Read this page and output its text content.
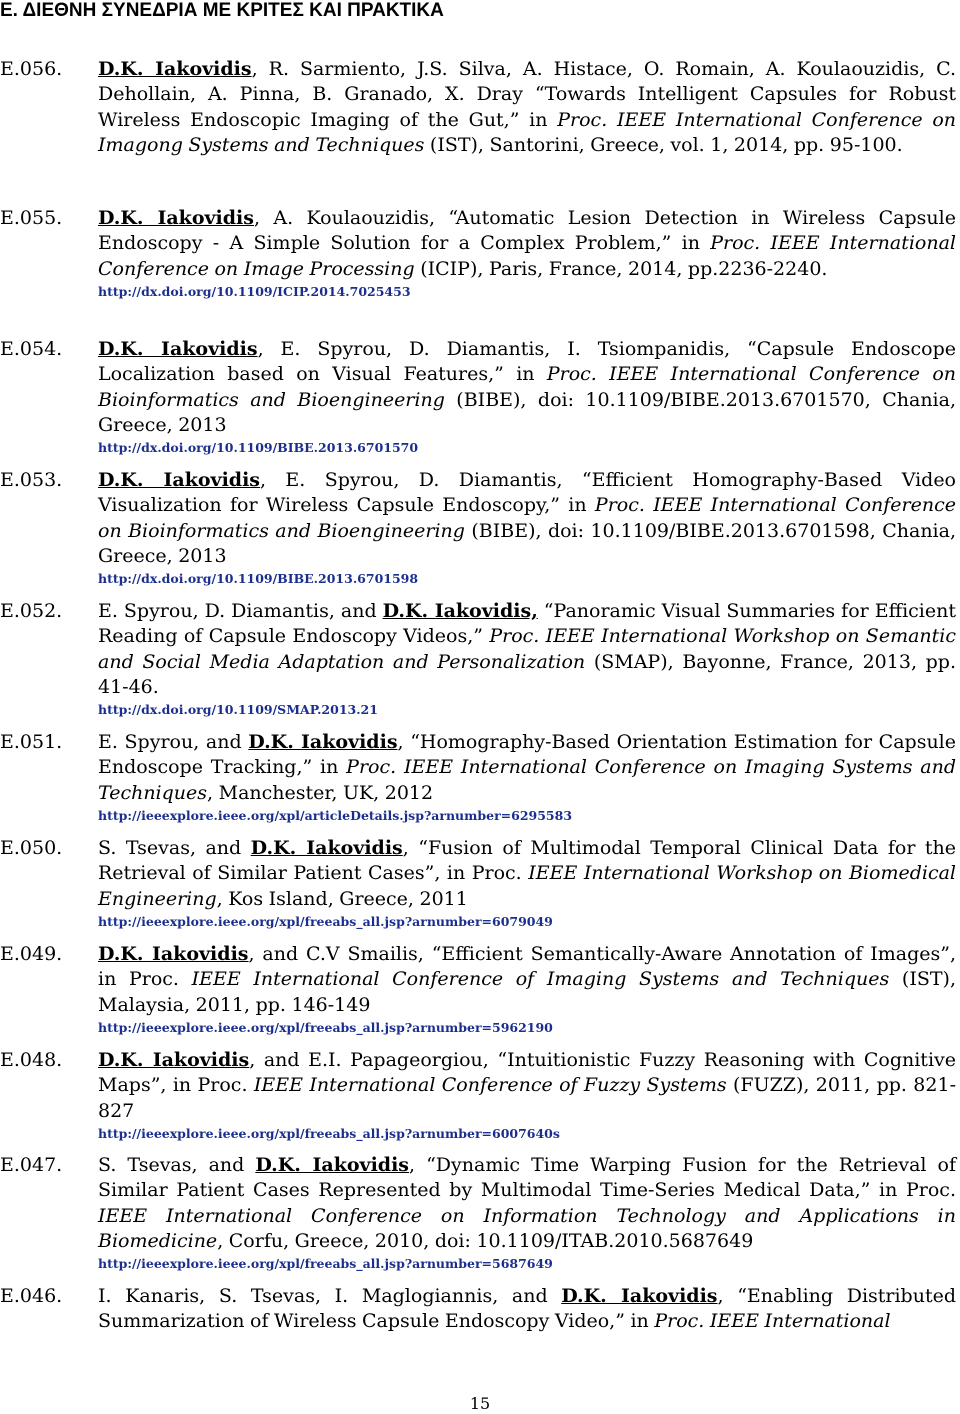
Ε. ΔΙΕΘΝΗ ΣΥΝΕΔΡΙΑ ΜΕ ΚΡΙΤΕΣ ΚΑΙ ΠΡΑΚΤΙΚΑ
E.056.	D.K. Iakovidis, R. Sarmiento, J.S. Silva, A. Histace, O. Romain, A. Koulaouzidis, C. Dehollain, A. Pinna, B. Granado, X. Dray “Towards Intelligent Capsules for Robust Wireless Endoscopic Imaging of the Gut,” in Proc. IEEE International Conference on Imagong Systems and Techniques (IST), Santorini, Greece, vol. 1, 2014, pp. 95-100.
E.055.	D.K. Iakovidis, A. Koulaouzidis, “Automatic Lesion Detection in Wireless Capsule Endoscopy - A Simple Solution for a Complex Problem,” in Proc. IEEE International Conference on Image Processing (ICIP), Paris, France, 2014, pp.2236-2240.
http://dx.doi.org/10.1109/ICIP.2014.7025453
E.054.	D.K. Iakovidis, E. Spyrou, D. Diamantis, I. Tsiompanidis, “Capsule Endoscope Localization based on Visual Features,” in Proc. IEEE International Conference on Bioinformatics and Bioengineering (BIBE), doi: 10.1109/BIBE.2013.6701570, Chania, Greece, 2013
http://dx.doi.org/10.1109/BIBE.2013.6701570
E.053.	D.K. Iakovidis, E. Spyrou, D. Diamantis, “Efficient Homography-Based Video Visualization for Wireless Capsule Endoscopy,” in Proc. IEEE International Conference on Bioinformatics and Bioengineering (BIBE), doi: 10.1109/BIBE.2013.6701598, Chania, Greece, 2013
http://dx.doi.org/10.1109/BIBE.2013.6701598
E.052.	E. Spyrou, D. Diamantis, and D.K. Iakovidis, “Panoramic Visual Summaries for Efficient Reading of Capsule Endoscopy Videos,” Proc. IEEE International Workshop on Semantic and Social Media Adaptation and Personalization (SMAP), Bayonne, France, 2013, pp. 41-46.
http://dx.doi.org/10.1109/SMAP.2013.21
E.051.	E. Spyrou, and D.K. Iakovidis, “Homography-Based Orientation Estimation for Capsule Endoscope Tracking,” in Proc. IEEE International Conference on Imaging Systems and Techniques, Manchester, UK, 2012
http://ieeexplore.ieee.org/xpl/articleDetails.jsp?arnumber=6295583
E.050.	S. Tsevas, and D.K. Iakovidis, “Fusion of Multimodal Temporal Clinical Data for the Retrieval of Similar Patient Cases”, in Proc. IEEE International Workshop on Biomedical Engineering, Kos Island, Greece, 2011
http://ieeexplore.ieee.org/xpl/freeabs_all.jsp?arnumber=6079049
E.049.	D.K. Iakovidis, and C.V Smailis, “Efficient Semantically-Aware Annotation of Images”, in Proc. IEEE International Conference of Imaging Systems and Techniques (IST), Malaysia, 2011, pp. 146-149
http://ieeexplore.ieee.org/xpl/freeabs_all.jsp?arnumber=5962190
E.048.	D.K. Iakovidis, and E.I. Papageorgiou, “Intuitionistic Fuzzy Reasoning with Cognitive Maps”, in Proc. IEEE International Conference of Fuzzy Systems (FUZZ), 2011, pp. 821-827
http://ieeexplore.ieee.org/xpl/freeabs_all.jsp?arnumber=6007640s
E.047.	S. Tsevas, and D.K. Iakovidis, “Dynamic Time Warping Fusion for the Retrieval of Similar Patient Cases Represented by Multimodal Time-Series Medical Data,” in Proc. IEEE International Conference on Information Technology and Applications in Biomedicine, Corfu, Greece, 2010, doi: 10.1109/ITAB.2010.5687649
http://ieeexplore.ieee.org/xpl/freeabs_all.jsp?arnumber=5687649
E.046.	I. Kanaris, S. Tsevas, I. Maglogiannis, and D.K. Iakovidis, “Enabling Distributed Summarization of Wireless Capsule Endoscopy Video,” in Proc. IEEE International
15
